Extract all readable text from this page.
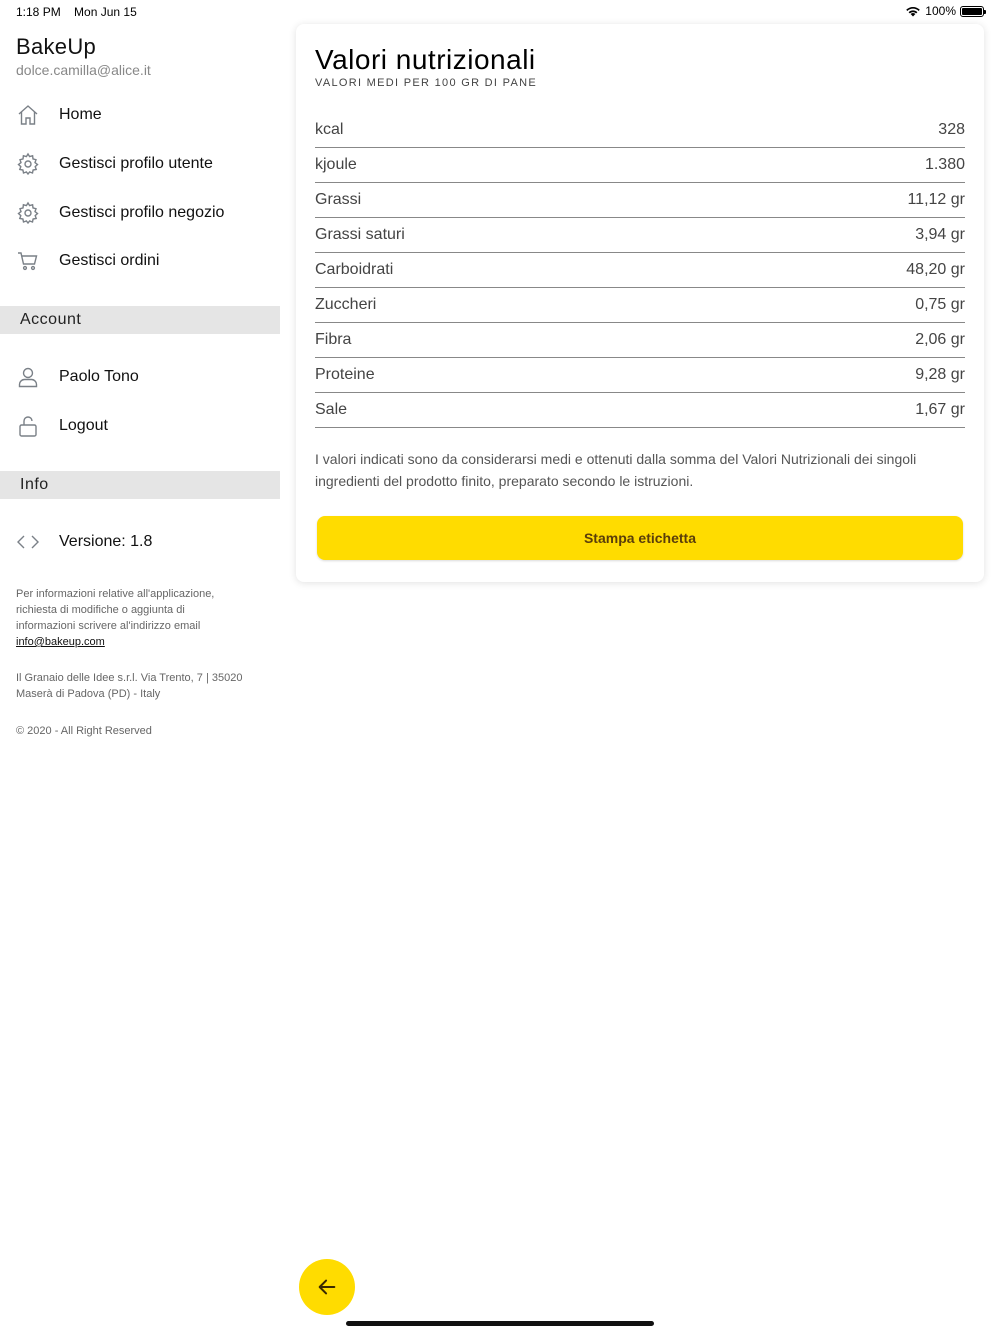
1:18 PM Mon Jun 15	100%
BakeUp
dolce.camilla@alice.it
Home
Gestisci profilo utente
Gestisci profilo negozio
Gestisci ordini
Account
Paolo Tono
Logout
Info
Versione: 1.8
Per informazioni relative all'applicazione, richiesta di modifiche o aggiunta di informazioni scrivere al'indirizzo email
info@bakeup.com
Il Granaio delle Idee s.r.l. Via Trento, 7 | 35020 Maserà di Padova (PD) - Italy
© 2020 - All Right Reserved
Valori nutrizionali
VALORI MEDI PER 100 GR DI PANE
kcal	328
kjoule	1.380
Grassi	11,12 gr
Grassi saturi	3,94 gr
Carboidrati	48,20 gr
Zuccheri	0,75 gr
Fibra	2,06 gr
Proteine	9,28 gr
Sale	1,67 gr
I valori indicati sono da considerarsi medi e ottenuti dalla somma del Valori Nutrizionali dei singoli ingredienti del prodotto finito, preparato secondo le istruzioni.
Stampa etichetta
